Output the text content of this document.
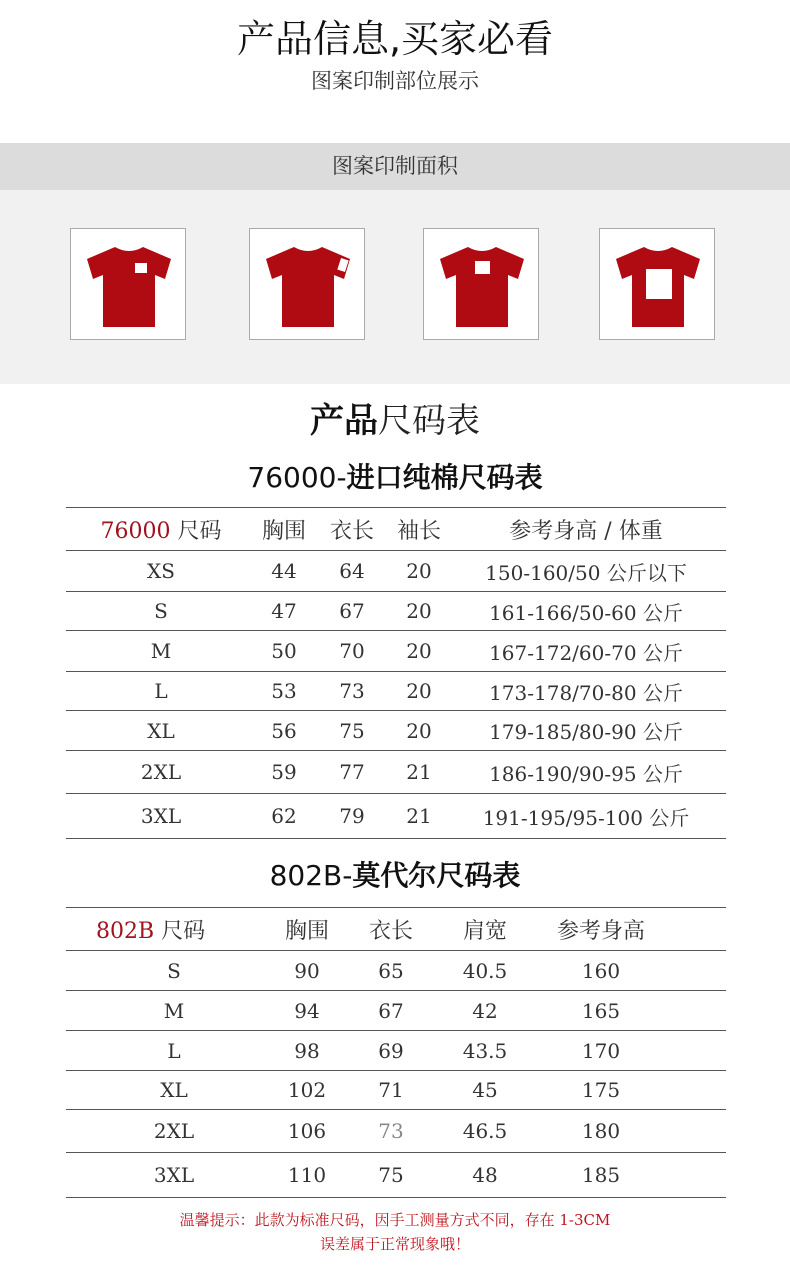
产品信息,买家必看
图案印制部位展示
图案印制面积
产品尺码表
76000-进口纯棉尺码表
76000 尺码	胸围	衣长	袖长	参考身高 / 体重
XS	44	64	20	150-160/50 公斤以下
S	47	67	20	161-166/50-60 公斤
M	50	70	20	167-172/60-70 公斤
L	53	73	20	173-178/70-80 公斤
XL	56	75	20	179-185/80-90 公斤
2XL	59	77	21	186-190/90-95 公斤
3XL	62	79	21	191-195/95-100 公斤
802B-莫代尔尺码表
802B 尺码	胸围	衣长	肩宽	参考身高	
S	90	65	40.5	160	
M	94	67	42	165	
L	98	69	43.5	170	
XL	102	71	45	175	
2XL	106	73	46.5	180	
3XL	110	75	48	185	
温馨提示：此款为标准尺码，因手工测量方式不同，存在 1-3CM
误差属于正常现象哦！
